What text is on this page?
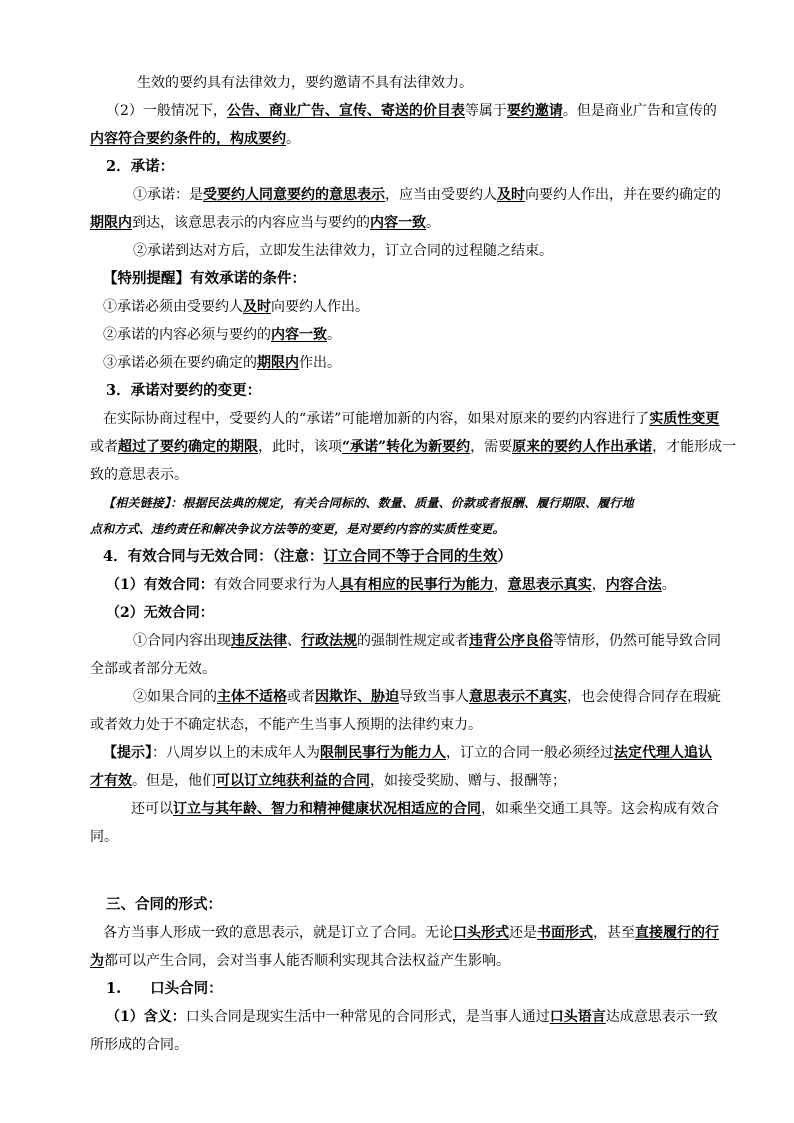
生效的要约具有法律效力，要约邀请不具有法律效力。
（2）一般情况下，公告、商业广告、宣传、寄送的价目表等属于要约邀请。但是商业广告和宣传的
内容符合要约条件的，构成要约。
2．承诺：
①承诺：是受要约人同意要约的意思表示，应当由受要约人及时向要约人作出，并在要约确定的
期限内到达，该意思表示的内容应当与要约的内容一致。
②承诺到达对方后，立即发生法律效力，订立合同的过程随之结束。
【特别提醒】有效承诺的条件：
①承诺必须由受要约人及时向要约人作出。
②承诺的内容必须与要约的内容一致。
③承诺必须在要约确定的期限内作出。
3．承诺对要约的变更：
在实际协商过程中，受要约人的“承诺”可能增加新的内容，如果对原来的要约内容进行了实质性变更
或者超过了要约确定的期限，此时，该项“承诺”转化为新要约，需要原来的要约人作出承诺，才能形成一
致的意思表示。
【相关链接】：根据民法典的规定，有关合同标的、数量、质量、价款或者报酬、履行期限、履行地
点和方式、违约责任和解决争议方法等的变更，是对要约内容的实质性变更。
4．有效合同与无效合同：（注意：订立合同不等于合同的生效）
（1）有效合同：有效合同要求行为人具有相应的民事行为能力，意思表示真实，内容合法。
（2）无效合同：
①合同内容出现违反法律、行政法规的强制性规定或者违背公序良俗等情形，仍然可能导致合同
全部或者部分无效。
②如果合同的主体不适格或者因欺诈、胁迫导致当事人意思表示不真实，也会使得合同存在瑕疵
或者效力处于不确定状态，不能产生当事人预期的法律约束力。
【提示】：八周岁以上的未成年人为限制民事行为能力人，订立的合同一般必须经过法定代理人追认
才有效。但是，他们可以订立纯获利益的合同，如接受奖励、赠与、报酬等；
还可以订立与其年龄、智力和精神健康状况相适应的合同，如乘坐交通工具等。这会构成有效合
同。
三、合同的形式：
各方当事人形成一致的意思表示，就是订立了合同。无论口头形式还是书面形式，甚至直接履行的行
为都可以产生合同，会对当事人能否顺利实现其合法权益产生影响。
1.　　口头合同：
（1）含义：口头合同是现实生活中一种常见的合同形式，是当事人通过口头语言达成意思表示一致
所形成的合同。
